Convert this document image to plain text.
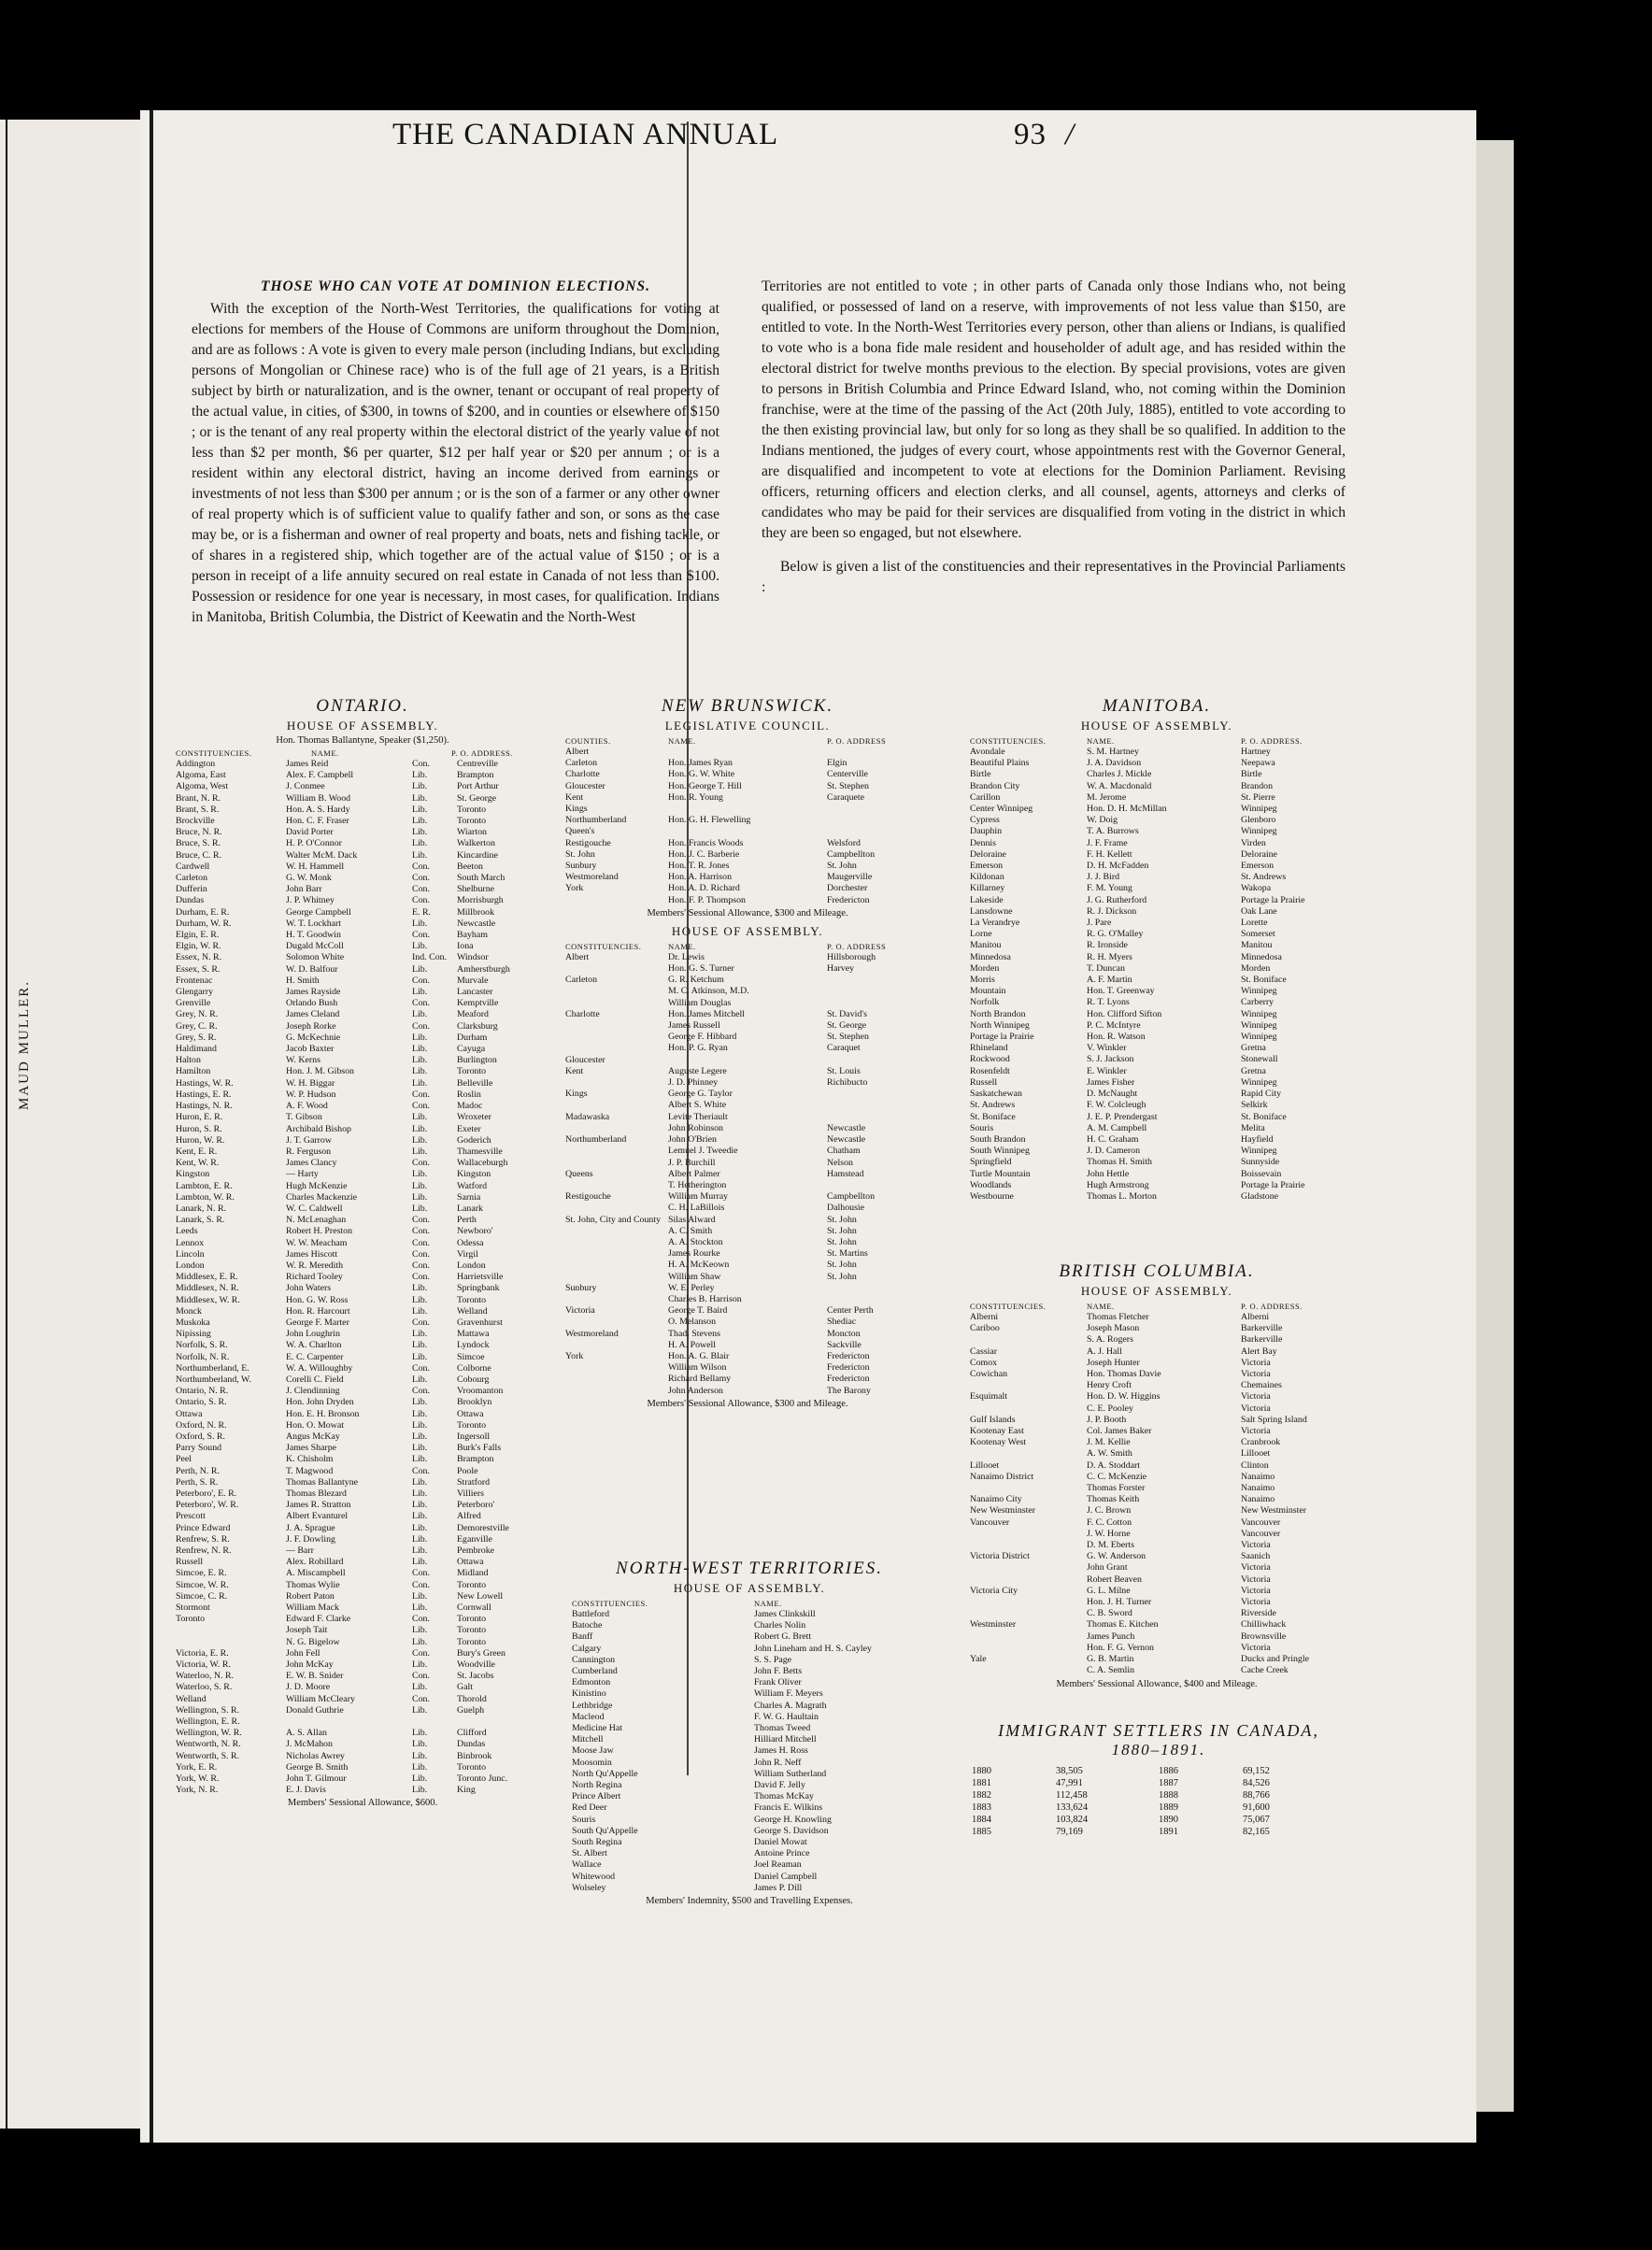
MAUD MULLER.
THE CANADIAN ANNUAL	93 /
THOSE WHO CAN VOTE AT DOMINION ELECTIONS.

With the exception of the North-West Territories, the qualifications for voting at elections for members of the House of Commons are uniform throughout the Dominion, and are as follows : A vote is given to every male person (including Indians, but excluding persons of Mongolian or Chinese race) who is of the full age of 21 years, is a British subject by birth or naturalization, and is the owner, tenant or occupant of real property of the actual value, in cities, of $300, in towns of $200, and in counties or elsewhere of $150 ; or is the tenant of any real property within the electoral district of the yearly value of not less than $2 per month, $6 per quarter, $12 per half year or $20 per annum ; or is a resident within any electoral district, having an income derived from earnings or investments of not less than $300 per annum ; or is the son of a farmer or any other owner of real property which is of sufficient value to qualify father and son, or sons as the case may be, or is a fisherman and owner of real property and boats, nets and fishing tackle, or of shares in a registered ship, which together are of the actual value of $150 ; or is a person in receipt of a life annuity secured on real estate in Canada of not less than $100. Possession or residence for one year is necessary, in most cases, for qualification. Indians in Manitoba, British Columbia, the District of Keewatin and the North-West

Territories are not entitled to vote ; in other parts of Canada only those Indians who, not being qualified, or possessed of land on a reserve, with improvements of not less value than $150, are entitled to vote. In the North-West Territories every person, other than aliens or Indians, is qualified to vote who is a bona fide male resident and householder of adult age, and has resided within the electoral district for twelve months previous to the election. By special provisions, votes are given to persons in British Columbia and Prince Edward Island, who, not coming within the Dominion franchise, were at the time of the passing of the Act (20th July, 1885), entitled to vote according to the then existing provincial law, but only for so long as they shall be so qualified. In addition to the Indians mentioned, the judges of every court, whose appointments rest with the Governor General, are disqualified and incompetent to vote at elections for the Dominion Parliament. Revising officers, returning officers and election clerks, and all counsel, agents, attorneys and clerks of candidates who may be paid for their services are disqualified from voting in the district in which they are been so engaged, but not elsewhere.

Below is given a list of the constituencies and their representatives in the Provincial Parliaments :

ONTARIO.
HOUSE OF ASSEMBLY.
Hon. Thomas Ballantyne, Speaker ($1,250).
CONSTITUENCIES.	NAME.	P. O. ADDRESS.
Addington	James Reid	Con.	Centreville
Algoma, East	Alex. F. Campbell	Lib.	Brampton
Algoma, West	J. Conmee	Lib.	Port Arthur
Brant, N. R.	William B. Wood	Lib.	St. George
Brant, S. R.	Hon. A. S. Hardy	Lib.	Toronto
Brockville	Hon. C. F. Fraser	Lib.	Toronto
Bruce, N. R.	David Porter	Lib.	Wiarton
Bruce, S. R.	H. P. O'Connor	Lib.	Walkerton
Bruce, C. R.	Walter McM. Dack	Lib.	Kincardine
Cardwell	W. H. Hammell	Con.	Beeton
Carleton	G. W. Monk	Con.	South March
Dufferin	John Barr	Con.	Shelburne
Dundas	J. P. Whitney	Con.	Morrisburgh
Durham, E. R.	George Campbell	E. R.	Millbrook
Durham, W. R.	W. T. Lockhart	Lib.	Newcastle
Elgin, E. R.	H. T. Goodwin	Con.	Bayham
Elgin, W. R.	Dugald McColl	Lib.	Iona
Essex, N. R.	Solomon White	Ind. Con.	Windsor
Essex, S. R.	W. D. Balfour	Lib.	Amherstburgh
Frontenac	H. Smith	Con.	Murvale
Glengarry	James Rayside	Lib.	Lancaster
Grenville	Orlando Bush	Con.	Kemptville
Grey, N. R.	James Cleland	Lib.	Meaford
Grey, C. R.	Joseph Rorke	Con.	Clarksburg
Grey, S. R.	G. McKechnie	Lib.	Durham
Haldimand	Jacob Baxter	Lib.	Cayuga
Halton	W. Kerns	Lib.	Burlington
Hamilton	Hon. J. M. Gibson	Lib.	Toronto
Hastings, W. R.	W. H. Biggar	Lib.	Belleville
Hastings, E. R.	W. P. Hudson	Con.	Roslin
Hastings, N. R.	A. F. Wood	Con.	Madoc
Huron, E. R.	T. Gibson	Lib.	Wroxeter
Huron, S. R.	Archibald Bishop	Lib.	Exeter
Huron, W. R.	J. T. Garrow	Lib.	Goderich
Kent, E. R.	R. Ferguson	Lib.	Thamesville
Kent, W. R.	James Clancy	Con.	Wallaceburgh
Kingston	— Harty	Lib.	Kingston
Lambton, E. R.	Hugh McKenzie	Lib.	Watford
Lambton, W. R.	Charles Mackenzie	Lib.	Sarnia
Lanark, N. R.	W. C. Caldwell	Lib.	Lanark
Lanark, S. R.	N. McLenaghan	Con.	Perth
Leeds	Robert H. Preston	Con.	Newboro'
Lennox	W. W. Meacham	Con.	Odessa
Lincoln	James Hiscott	Con.	Virgil
London	W. R. Meredith	Con.	London
Middlesex, E. R.	Richard Tooley	Con.	Harrietsville
Middlesex, N. R.	John Waters	Lib.	Springbank
Middlesex, W. R.	Hon. G. W. Ross	Lib.	Toronto
Monck	Hon. R. Harcourt	Lib.	Welland
Muskoka	George F. Marter	Con.	Gravenhurst
Nipissing	John Loughrin	Lib.	Mattawa
Norfolk, S. R.	W. A. Charlton	Lib.	Lyndock
Norfolk, N. R.	E. C. Carpenter	Lib.	Simcoe
Northumberland, E.	W. A. Willoughby	Con.	Colborne
Northumberland, W.	Corelli C. Field	Lib.	Cobourg
Ontario, N. R.	J. Clendinning	Con.	Vroomanton
Ontario, S. R.	Hon. John Dryden	Lib.	Brooklyn
Ottawa	Hon. E. H. Bronson	Lib.	Ottawa
Oxford, N. R.	Hon. O. Mowat	Lib.	Toronto
Oxford, S. R.	Angus McKay	Lib.	Ingersoll
Parry Sound	James Sharpe	Lib.	Burk's Falls
Peel	K. Chisholm	Lib.	Brampton
Perth, N. R.	T. Magwood	Con.	Poole
Perth, S. R.	Thomas Ballantyne	Lib.	Stratford
Peterboro', E. R.	Thomas Blezard	Lib.	Villiers
Peterboro', W. R.	James R. Stratton	Lib.	Peterboro'
Prescott	Albert Evanturel	Lib.	Alfred
Prince Edward	J. A. Sprague	Lib.	Demorestville
Renfrew, S. R.	J. F. Dowling	Lib.	Eganville
Renfrew, N. R.	— Barr	Lib.	Pembroke
Russell	Alex. Robillard	Lib.	Ottawa
Simcoe, E. R.	A. Miscampbell	Con.	Midland
Simcoe, W. R.	Thomas Wylie	Con.	Toronto
Simcoe, C. R.	Robert Paton	Lib.	New Lowell
Stormont	William Mack	Lib.	Cornwall
Toronto	Edward F. Clarke	Con.	Toronto
Joseph Tait	Lib.	Toronto
N. G. Bigelow	Lib.	Toronto
Victoria, E. R.	John Fell	Con.	Bury's Green
Victoria, W. R.	John McKay	Lib.	Woodville
Waterloo, N. R.	E. W. B. Snider	Con.	St. Jacobs
Waterloo, S. R.	J. D. Moore	Lib.	Galt
Welland	William McCleary	Con.	Thorold
Wellington, S. R.	Donald Guthrie	Lib.	Guelph
Wellington, E. R.
Wellington, W. R.	A. S. Allan	Lib.	Clifford
Wentworth, N. R.	J. McMahon	Lib.	Dundas
Wentworth, S. R.	Nicholas Awrey	Lib.	Binbrook
York, E. R.	George B. Smith	Lib.	Toronto
York, W. R.	John T. Gilmour	Lib.	Toronto Junc.
York, N. R.	E. J. Davis	Lib.	King
Members' Sessional Allowance, $600.
NEW BRUNSWICK.
LEGISLATIVE COUNCIL.
COUNTIES.	NAME.	P. O. ADDRESS
Albert
Carleton	Hon. James Ryan	Elgin
Charlotte	Hon. G. W. White	Centerville
Gloucester	Hon. George T. Hill	St. Stephen
Kent	Hon. R. Young	Caraquete
Kings
Northumberland	Hon. G. H. Flewelling
Queen's
Restigouche	Hon. Francis Woods	Welsford
St. John	Hon. J. C. Barberie	Campbellton
Sunbury	Hon. T. R. Jones	St. John
Westmoreland	Hon. A. Harrison	Maugerville
York	Hon. A. D. Richard	Dorchester
Hon. F. P. Thompson	Fredericton
Members' Sessional Allowance, $300 and Mileage.
HOUSE OF ASSEMBLY.
CONSTITUENCIES.	NAME.	P. O. ADDRESS
Albert	Dr. Lewis	Hillsborough
Hon. G. S. Turner	Harvey
Carleton	G. R. Ketchum
M. C. Atkinson, M.D.
William Douglas
Charlotte	Hon. James Mitchell	St. David's
James Russell	St. George
George F. Hibbard	St. Stephen
Hon. P. G. Ryan	Caraquet
Gloucester
Kent	Auguste Legere	St. Louis
J. D. Phinney	Richibucto
Kings	George G. Taylor
Albert S. White
Madawaska	Levite Theriault
John Robinson	Newcastle
Northumberland	John O'Brien	Newcastle
Lemuel J. Tweedie	Chatham
J. P. Burchill	Nelson
Queens	Albert Palmer	Hamstead
T. Hetherington
Restigouche	William Murray	Campbellton
C. H. LaBillois	Dalhousie
St. John, City and County Silas Alward	St. John
A. C. Smith	St. John
A. A. Stockton	St. John
James Rourke	St. Martins
H. A. McKeown	St. John
William Shaw	St. John
Sunbury	W. E. Perley
Charles B. Harrison
Victoria	George T. Baird	Center Perth
O. Melanson	Shediac
Westmoreland	Thad. Stevens	Moncton
H. A. Powell	Sackville
York	Hon. A. G. Blair	Fredericton
William Wilson	Fredericton
Richard Bellamy	Fredericton
John Anderson	The Barony
Members' Sessional Allowance, $300 and Mileage.
NORTH-WEST TERRITORIES.
HOUSE OF ASSEMBLY.
CONSTITUENCIES.	NAME.
Battleford	James Clinkskill
Batoche	Charles Nolin
Banff	Robert G. Brett
Calgary	John Lineham and H. S. Cayley
Cannington	S. S. Page
Cumberland	John F. Betts
Edmonton	Frank Oliver
Kinistino	William F. Meyers
Lethbridge	Charles A. Magrath
Macleod	F. W. G. Haultain
Medicine Hat	Thomas Tweed
Mitchell	Hilliard Mitchell
Moose Jaw	James H. Ross
Moosomin	John R. Neff
North Qu'Appelle	William Sutherland
North Regina	David F. Jelly
Prince Albert	Thomas McKay
Red Deer	Francis E. Wilkins
Souris	George H. Knowling
South Qu'Appelle	George S. Davidson
South Regina	Daniel Mowat
St. Albert	Antoine Prince
Wallace	Joel Reaman
Whitewood	Daniel Campbell
Wolseley	James P. Dill
Members' Indemnity, $500 and Travelling Expenses.
MANITOBA.
HOUSE OF ASSEMBLY.
CONSTITUENCIES.	NAME.	P. O. ADDRESS.
Avondale	S. M. Hartney	Hartney
Beautiful Plains	J. A. Davidson	Neepawa
Birtle	Charles J. Mickle	Birtle
Brandon City	W. A. Macdonald	Brandon
Carillon	M. Jerome	St. Pierre
Center Winnipeg	Hon. D. H. McMillan	Winnipeg
Cypress	W. Doig	Glenboro
Dauphin	T. A. Burrows	Winnipeg
Dennis	J. F. Frame	Virden
Deloraine	F. H. Kellett	Deloraine
Emerson	D. H. McFadden	Emerson
Kildonan	J. J. Bird	St. Andrews
Killarney	F. M. Young	Wakopa
Lakeside	J. G. Rutherford	Portage la Prairie
Lansdowne	R. J. Dickson	Oak Lane
La Verandrye	J. Pare	Lorette
Lorne	R. G. O'Malley	Somerset
Manitou	R. Ironside	Manitou
Minnedosa	R. H. Myers	Minnedosa
Morden	T. Duncan	Morden
Morris	A. F. Martin	St. Boniface
Mountain	Hon. T. Greenway	Winnipeg
Norfolk	R. T. Lyons	Carberry
North Brandon	Hon. Clifford Sifton	Winnipeg
North Winnipeg	P. C. McIntyre	Winnipeg
Portage la Prairie	Hon. R. Watson	Winnipeg
Rhineland	V. Winkler	Gretna
Rockwood	S. J. Jackson	Stonewall
Rosenfeldt	E. Winkler	Gretna
Russell	James Fisher	Winnipeg
Saskatchewan	D. McNaught	Rapid City
St. Andrews	F. W. Colcleugh	Selkirk
St. Boniface	J. E. P. Prendergast	St. Boniface
Souris	A. M. Campbell	Melita
South Brandon	H. C. Graham	Hayfield
South Winnipeg	J. D. Cameron	Winnipeg
Springfield	Thomas H. Smith	Sunnyside
Turtle Mountain	John Hettle	Boissevain
Woodlands	Hugh Armstrong	Portage la Prairie
Westbourne	Thomas L. Morton	Gladstone
BRITISH COLUMBIA.
HOUSE OF ASSEMBLY.
CONSTITUENCIES.	NAME.	P. O. ADDRESS.
Alberni	Thomas Fletcher	Alberni
Cariboo	Joseph Mason	Barkerville
S. A. Rogers	Barkerville
Cassiar	A. J. Hall	Alert Bay
Comox	Joseph Hunter	Victoria
Cowichan	Hon. Thomas Davie	Victoria
Henry Croft	Chemaines
Esquimalt	Hon. D. W. Higgins	Victoria
C. E. Pooley	Victoria
Gulf Islands	J. P. Booth	Salt Spring Island
Kootenay East	Col. James Baker	Victoria
Kootenay West	J. M. Kellie	Cranbrook
A. W. Smith	Lillooet
Lillooet	D. A. Stoddart	Clinton
Nanaimo District	C. C. McKenzie	Nanaimo
Thomas Forster	Nanaimo
Nanaimo City	Thomas Keith	Nanaimo
New Westminster	J. C. Brown	New Westminster
Vancouver	F. C. Cotton	Vancouver
J. W. Horne	Vancouver
D. M. Eberts	Victoria
Victoria District	G. W. Anderson	Saanich
John Grant	Victoria
Robert Beaven	Victoria
Victoria City	G. L. Milne	Victoria
Hon. J. H. Turner	Victoria
C. B. Sword	Riverside
Westminster	Thomas E. Kitchen	Chilliwhack
James Punch	Brownsville
Hon. F. G. Vernon	Victoria
Yale	G. B. Martin	Ducks and Pringle
C. A. Semlin	Cache Creek
Members' Sessional Allowance, $400 and Mileage.
IMMIGRANT SETTLERS IN CANADA,
1880–1891.
1880	38,505	1886	69,152
1881	47,991	1887	84,526
1882	112,458	1888	88,766
1883	133,624	1889	91,600
1884	103,824	1890	75,067
1885	79,169	1891	82,165
